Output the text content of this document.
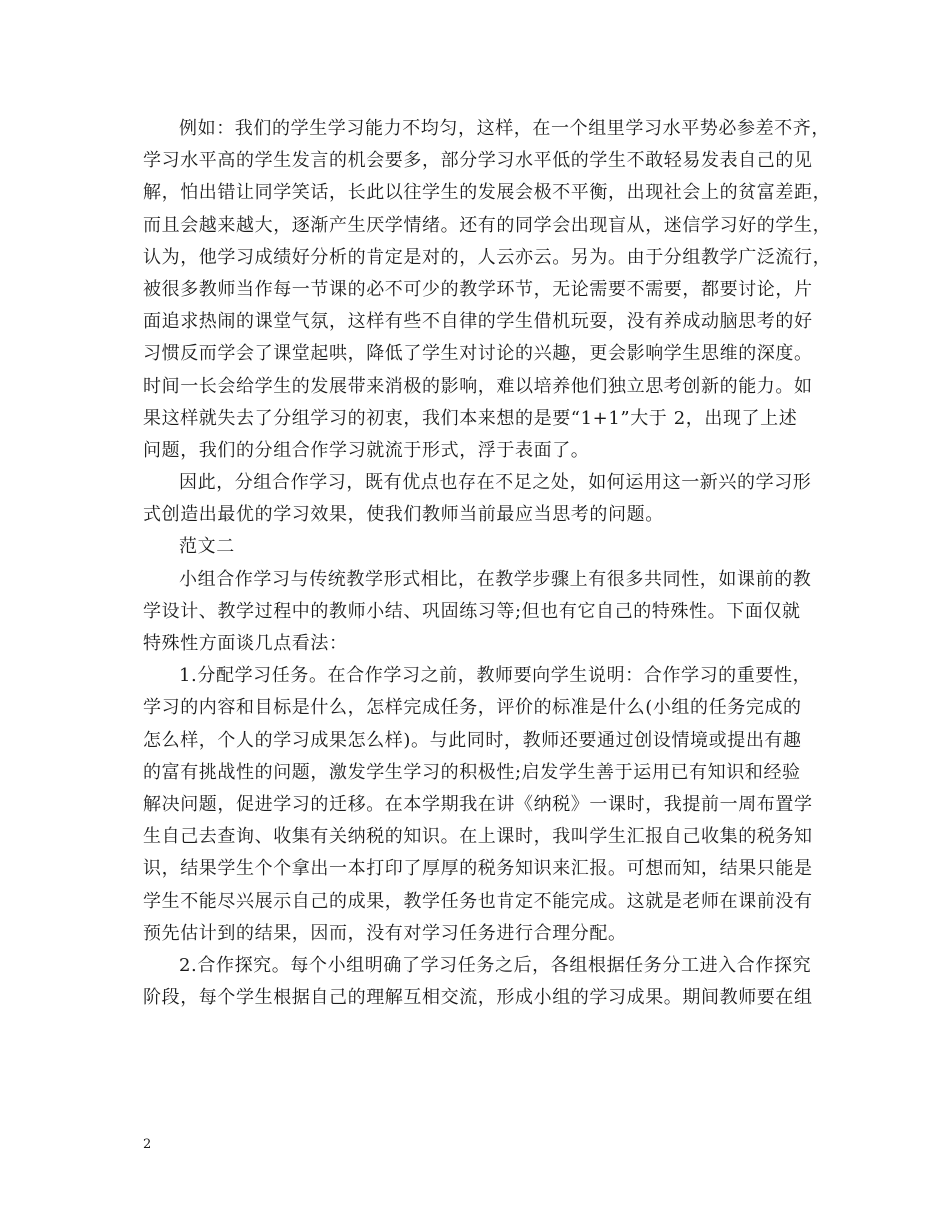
例如：我们的学生学习能力不均匀，这样，在一个组里学习水平势必参差不齐，
学习水平高的学生发言的机会要多，部分学习水平低的学生不敢轻易发表自己的见
解，怕出错让同学笑话，长此以往学生的发展会极不平衡，出现社会上的贫富差距，
而且会越来越大，逐渐产生厌学情绪。还有的同学会出现盲从，迷信学习好的学生，
认为，他学习成绩好分析的肯定是对的，人云亦云。另为。由于分组教学广泛流行，
被很多教师当作每一节课的必不可少的教学环节，无论需要不需要，都要讨论，片
面追求热闹的课堂气氛，这样有些不自律的学生借机玩耍，没有养成动脑思考的好
习惯反而学会了课堂起哄，降低了学生对讨论的兴趣，更会影响学生思维的深度。
时间一长会给学生的发展带来消极的影响，难以培养他们独立思考创新的能力。如
果这样就失去了分组学习的初衷，我们本来想的是要“1+1”大于 2，出现了上述
问题，我们的分组合作学习就流于形式，浮于表面了。

因此，分组合作学习，既有优点也存在不足之处，如何运用这一新兴的学习形
式创造出最优的学习效果，使我们教师当前最应当思考的问题。

范文二

小组合作学习与传统教学形式相比，在教学步骤上有很多共同性，如课前的教
学设计、教学过程中的教师小结、巩固练习等;但也有它自己的特殊性。下面仅就
特殊性方面谈几点看法：

1.分配学习任务。在合作学习之前，教师要向学生说明：合作学习的重要性，
学习的内容和目标是什么，怎样完成任务，评价的标准是什么(小组的任务完成的
怎么样，个人的学习成果怎么样)。与此同时，教师还要通过创设情境或提出有趣
的富有挑战性的问题，激发学生学习的积极性;启发学生善于运用已有知识和经验
解决问题，促进学习的迁移。在本学期我在讲《纳税》一课时，我提前一周布置学
生自己去查询、收集有关纳税的知识。在上课时，我叫学生汇报自己收集的税务知
识，结果学生个个拿出一本打印了厚厚的税务知识来汇报。可想而知，结果只能是
学生不能尽兴展示自己的成果，教学任务也肯定不能完成。这就是老师在课前没有
预先估计到的结果，因而，没有对学习任务进行合理分配。

2.合作探究。每个小组明确了学习任务之后，各组根据任务分工进入合作探究
阶段，每个学生根据自己的理解互相交流，形成小组的学习成果。期间教师要在组

2
